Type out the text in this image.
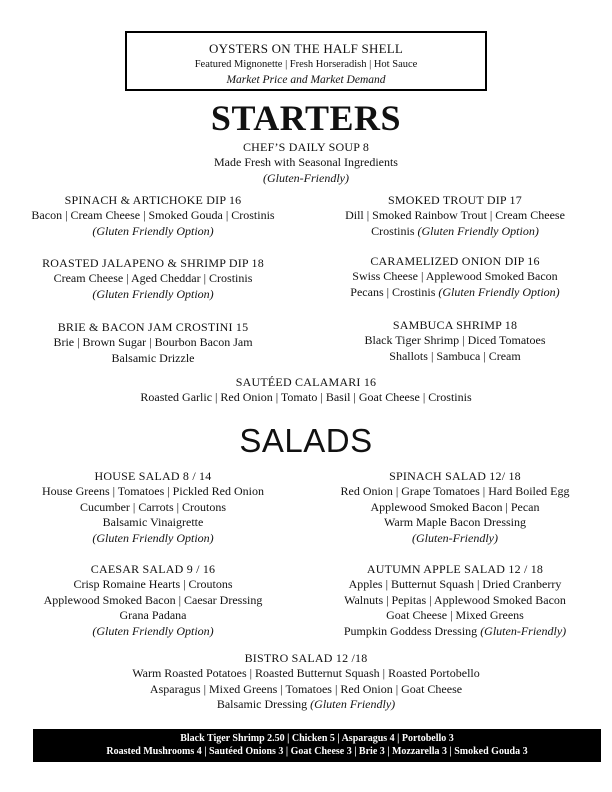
OYSTERS ON THE HALF SHELL
Featured Mignonette | Fresh Horseradish | Hot Sauce
Market Price and Market Demand
STARTERS
CHEF’S DAILY SOUP 8
Made Fresh with Seasonal Ingredients
(Gluten-Friendly)
SPINACH & ARTICHOKE DIP 16
Bacon | Cream Cheese | Smoked Gouda | Crostinis
(Gluten Friendly Option)
SMOKED TROUT DIP 17
Dill | Smoked Rainbow Trout | Cream Cheese
Crostinis (Gluten Friendly Option)
ROASTED JALAPENO & SHRIMP DIP 18
Cream Cheese | Aged Cheddar | Crostinis
(Gluten Friendly Option)
CARAMELIZED ONION DIP 16
Swiss Cheese | Applewood Smoked Bacon
Pecans | Crostinis (Gluten Friendly Option)
BRIE & BACON JAM CROSTINI 15
Brie | Brown Sugar | Bourbon Bacon Jam
Balsamic Drizzle
SAMBUCA SHRIMP 18
Black Tiger Shrimp | Diced Tomatoes
Shallots | Sambuca | Cream
SAUTÉED CALAMARI 16
Roasted Garlic | Red Onion | Tomato | Basil | Goat Cheese | Crostinis
SALADS
HOUSE SALAD 8 / 14
House Greens | Tomatoes | Pickled Red Onion
Cucumber | Carrots | Croutons
Balsamic Vinaigrette
(Gluten Friendly Option)
SPINACH SALAD 12/ 18
Red Onion | Grape Tomatoes | Hard Boiled Egg
Applewood Smoked Bacon | Pecan
Warm Maple Bacon Dressing
(Gluten-Friendly)
CAESAR SALAD 9 / 16
Crisp Romaine Hearts | Croutons
Applewood Smoked Bacon | Caesar Dressing
Grana Padana
(Gluten Friendly Option)
AUTUMN APPLE SALAD 12 / 18
Apples | Butternut Squash | Dried Cranberry
Walnuts | Pepitas | Applewood Smoked Bacon
Goat Cheese | Mixed Greens
Pumpkin Goddess Dressing (Gluten-Friendly)
BISTRO SALAD 12 /18
Warm Roasted Potatoes | Roasted Butternut Squash | Roasted Portobello
Asparagus | Mixed Greens | Tomatoes | Red Onion | Goat Cheese
Balsamic Dressing (Gluten Friendly)
Black Tiger Shrimp 2.50 | Chicken 5 | Asparagus 4 | Portobello 3
Roasted Mushrooms 4 | Sautéed Onions 3 | Goat Cheese 3 | Brie 3 | Mozzarella 3 | Smoked Gouda 3
